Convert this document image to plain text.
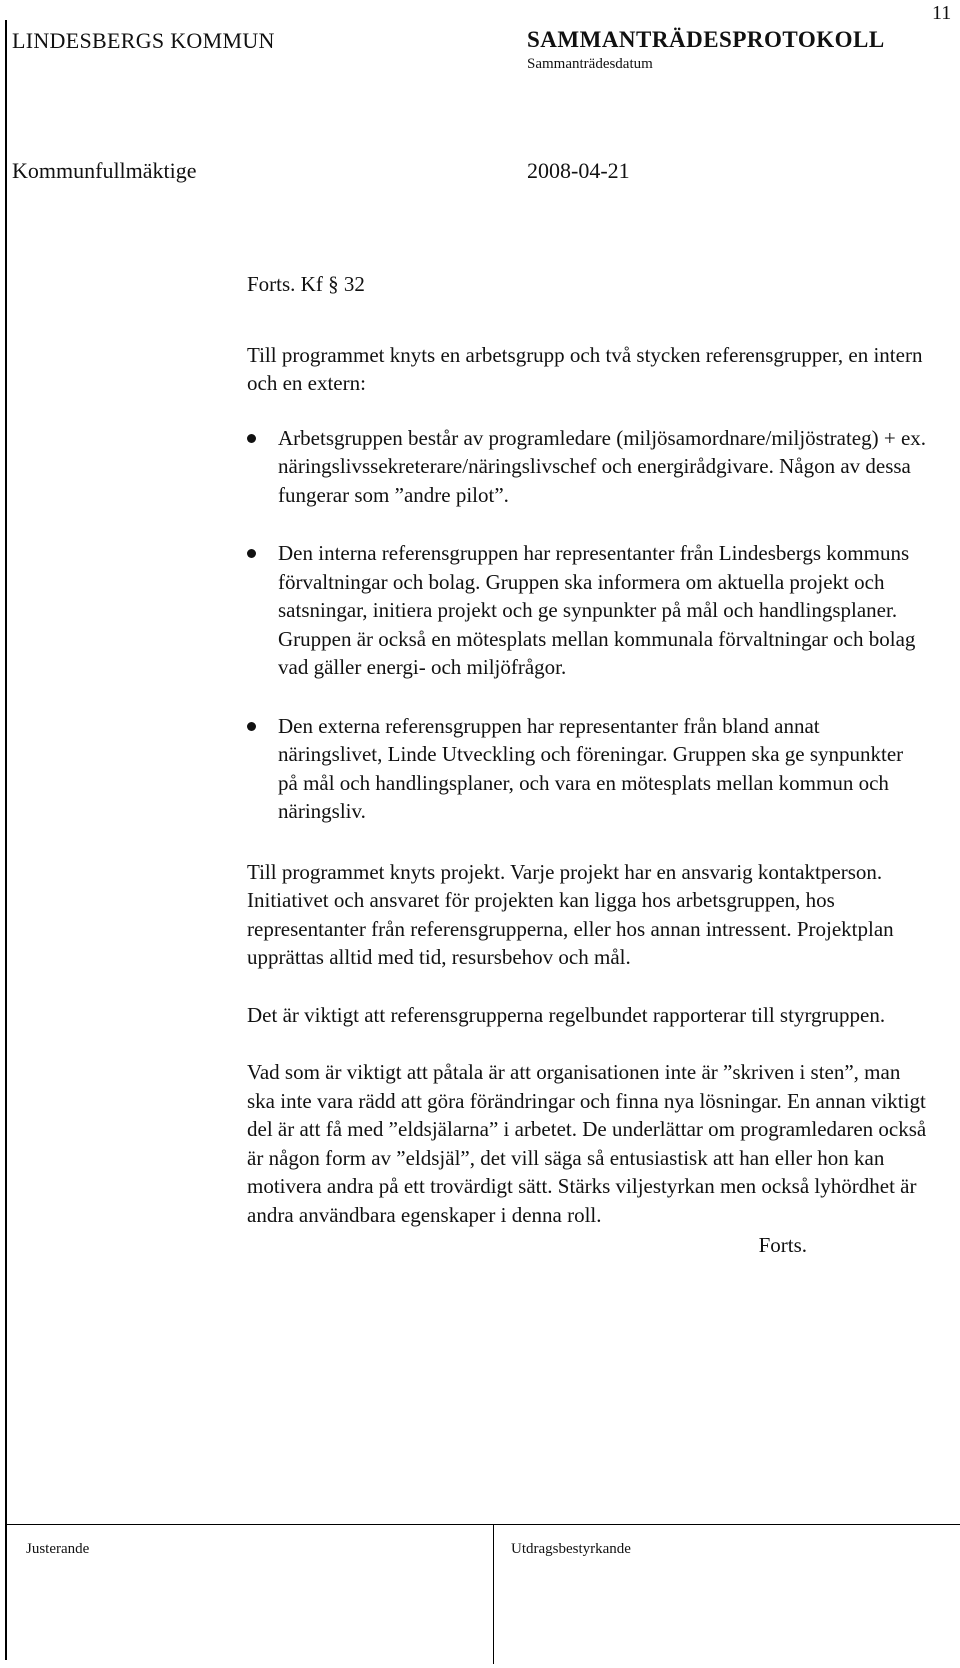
11
LINDESBERGS KOMMUN	SAMMANTRÄDESPROTOKOLL
Sammanträdesdatum
Kommunfullmäktige	2008-04-21

Forts. Kf § 32

Till programmet knyts en arbetsgrupp och två stycken referensgrupper, en intern och en extern:

Arbetsgruppen består av programledare (miljösamordnare/miljöstrateg) + ex. näringslivssekreterare/näringslivschef och energirådgivare. Någon av dessa fungerar som ”andre pilot”.
Den interna referensgruppen har representanter från Lindesbergs kommuns förvaltningar och bolag. Gruppen ska informera om aktuella projekt och satsningar, initiera projekt och ge synpunkter på mål och handlingsplaner. Gruppen är också en mötesplats mellan kommunala förvaltningar och bolag vad gäller energi- och miljöfrågor.
Den externa referensgruppen har representanter från bland annat näringslivet, Linde Utveckling och föreningar. Gruppen ska ge synpunkter på mål och handlingsplaner, och vara en mötesplats mellan kommun och näringsliv.

Till programmet knyts projekt. Varje projekt har en ansvarig kontaktperson. Initiativet och ansvaret för projekten kan ligga hos arbetsgruppen, hos representanter från referensgrupperna, eller hos annan intressent. Projektplan upprättas alltid med tid, resursbehov och mål.

Det är viktigt att referensgrupperna regelbundet rapporterar till styrgruppen.

Vad som är viktigt att påtala är att organisationen inte är ”skriven i sten”, man ska inte vara rädd att göra förändringar och finna nya lösningar. En annan viktigt del är att få med ”eldsjälarna” i arbetet. De underlättar om programledaren också är någon form av ”eldsjäl”, det vill säga så entusiastisk att han eller hon kan motivera andra på ett trovärdigt sätt. Stärks viljestyrkan men också lyhördhet är andra användbara egenskaper i denna roll.

Forts.

Justerande	Utdragsbestyrkande
